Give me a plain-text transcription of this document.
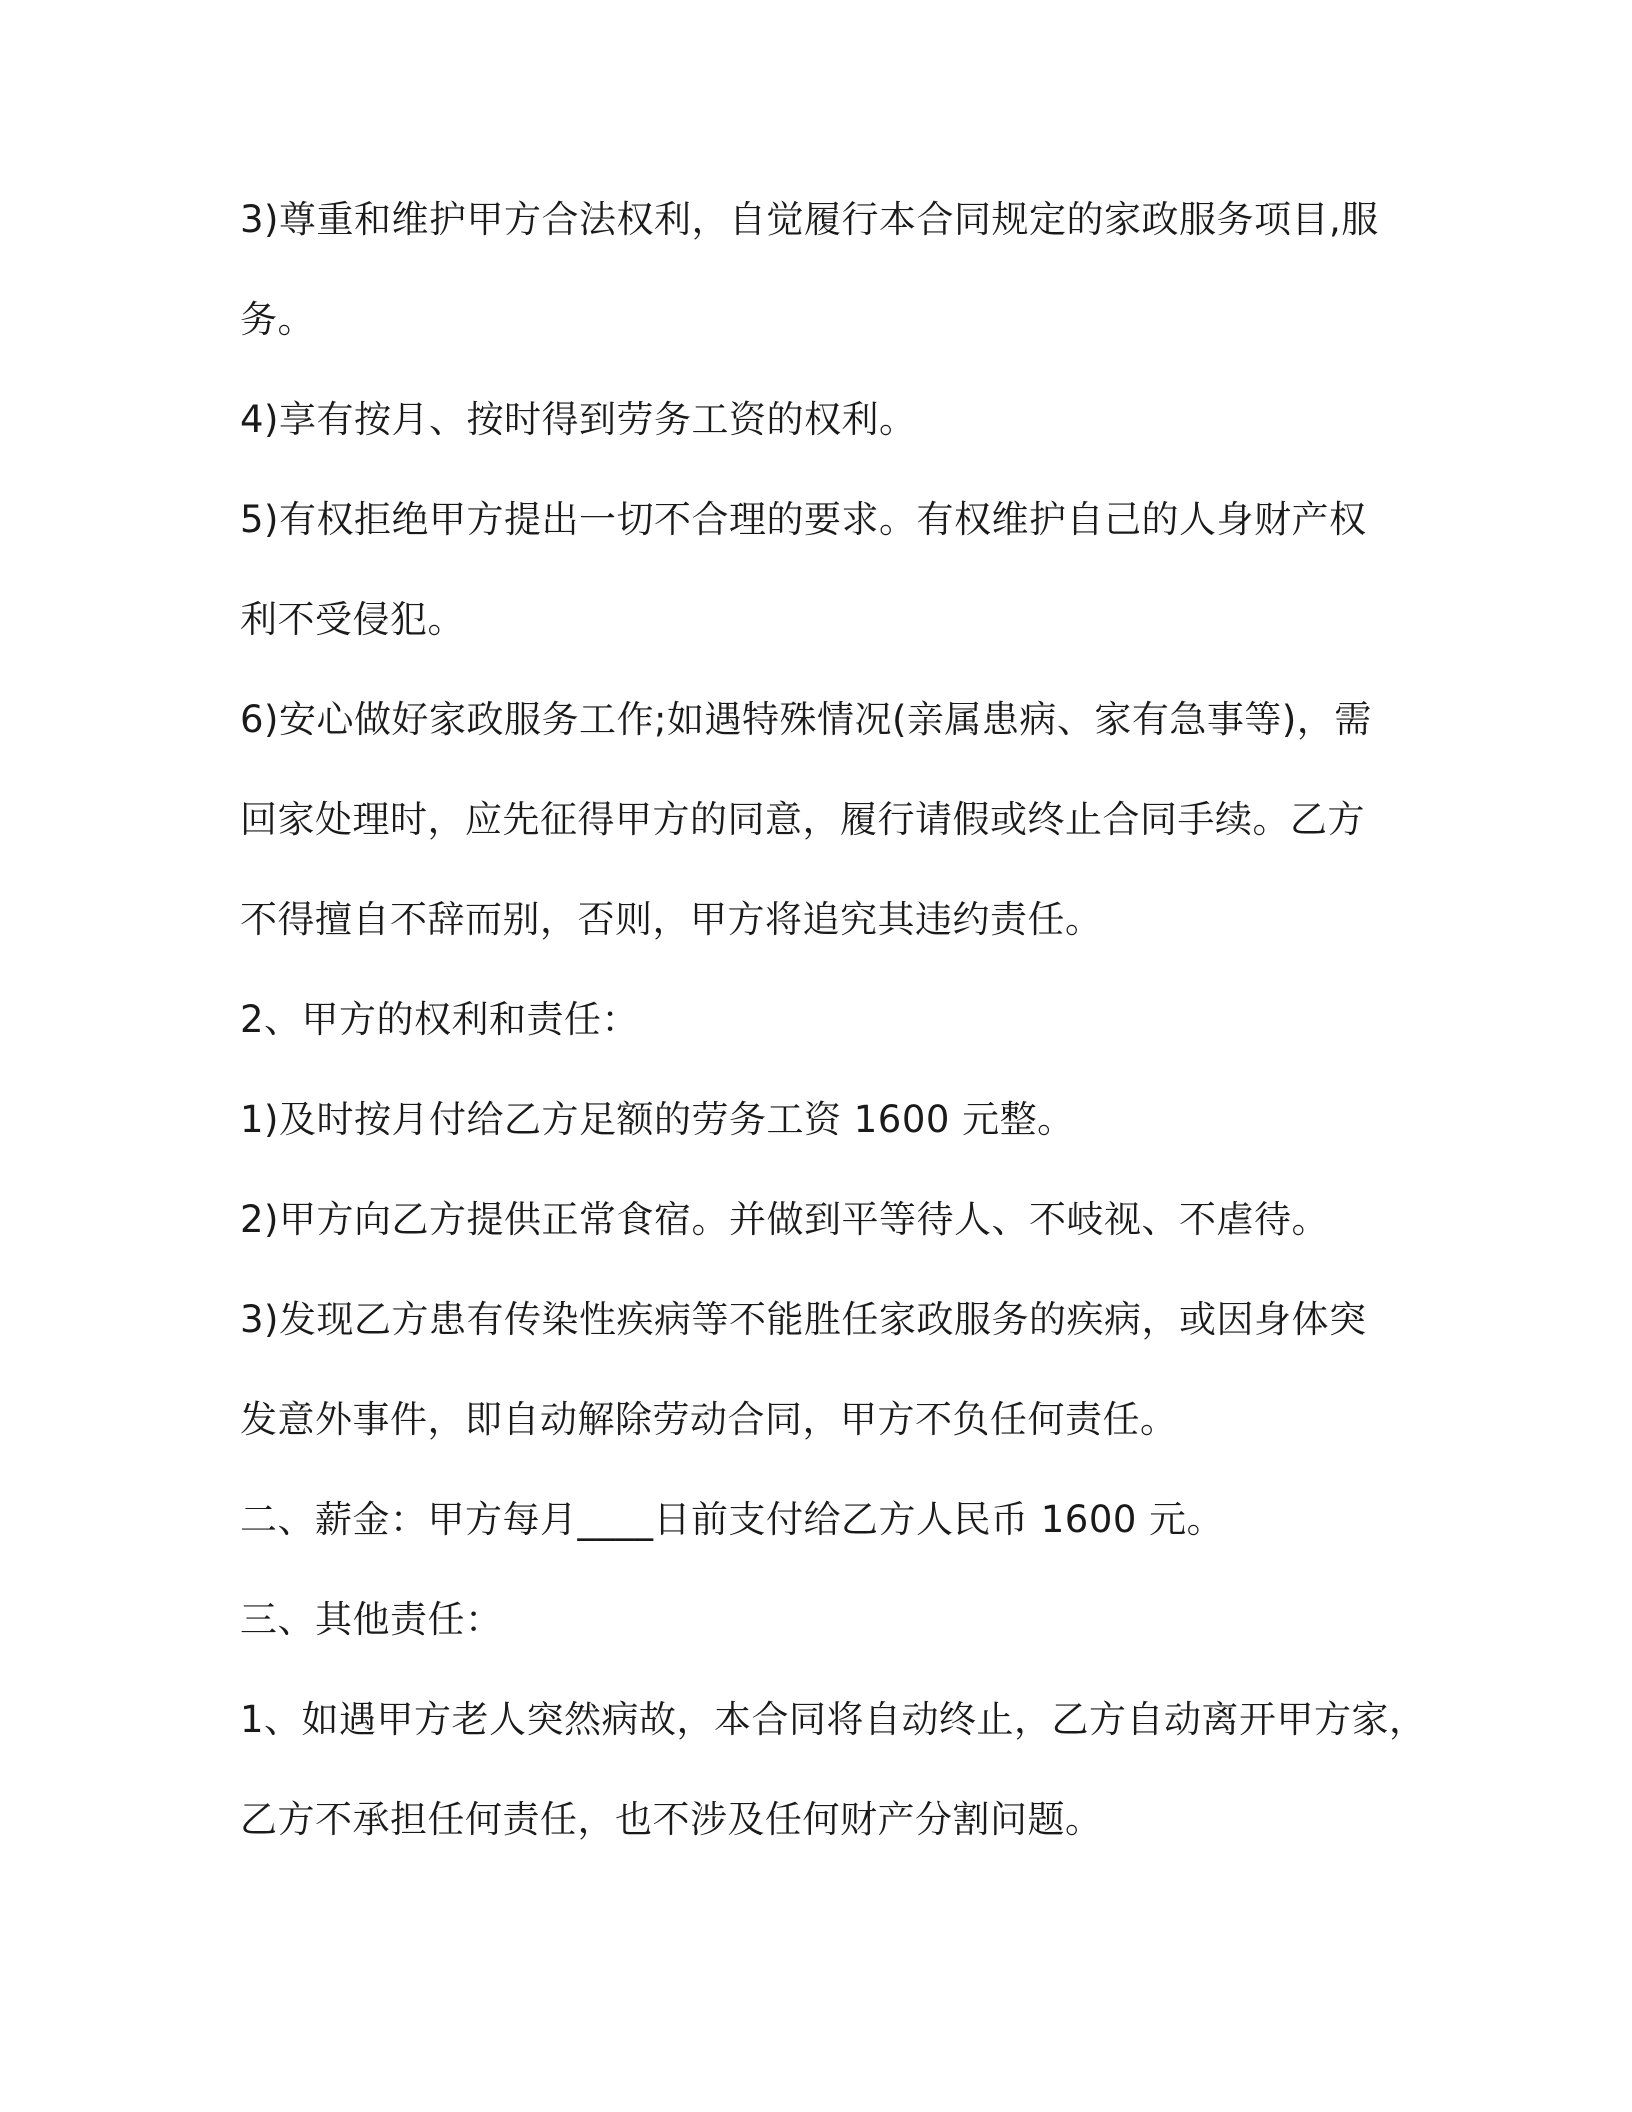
3)尊重和维护甲方合法权利，自觉履行本合同规定的家政服务项目,服
务。
4)享有按月、按时得到劳务工资的权利。
5)有权拒绝甲方提出一切不合理的要求。有权维护自己的人身财产权
利不受侵犯。
6)安心做好家政服务工作;如遇特殊情况(亲属患病、家有急事等)，需
回家处理时，应先征得甲方的同意，履行请假或终止合同手续。乙方
不得擅自不辞而别，否则，甲方将追究其违约责任。
2、甲方的权利和责任：
1)及时按月付给乙方足额的劳务工资 1600 元整。
2)甲方向乙方提供正常食宿。并做到平等待人、不岐视、不虐待。
3)发现乙方患有传染性疾病等不能胜任家政服务的疾病，或因身体突
发意外事件，即自动解除劳动合同，甲方不负任何责任。
二、薪金：甲方每月____日前支付给乙方人民币 1600 元。
三、其他责任：
1、如遇甲方老人突然病故，本合同将自动终止，乙方自动离开甲方家，
乙方不承担任何责任，也不涉及任何财产分割问题。
